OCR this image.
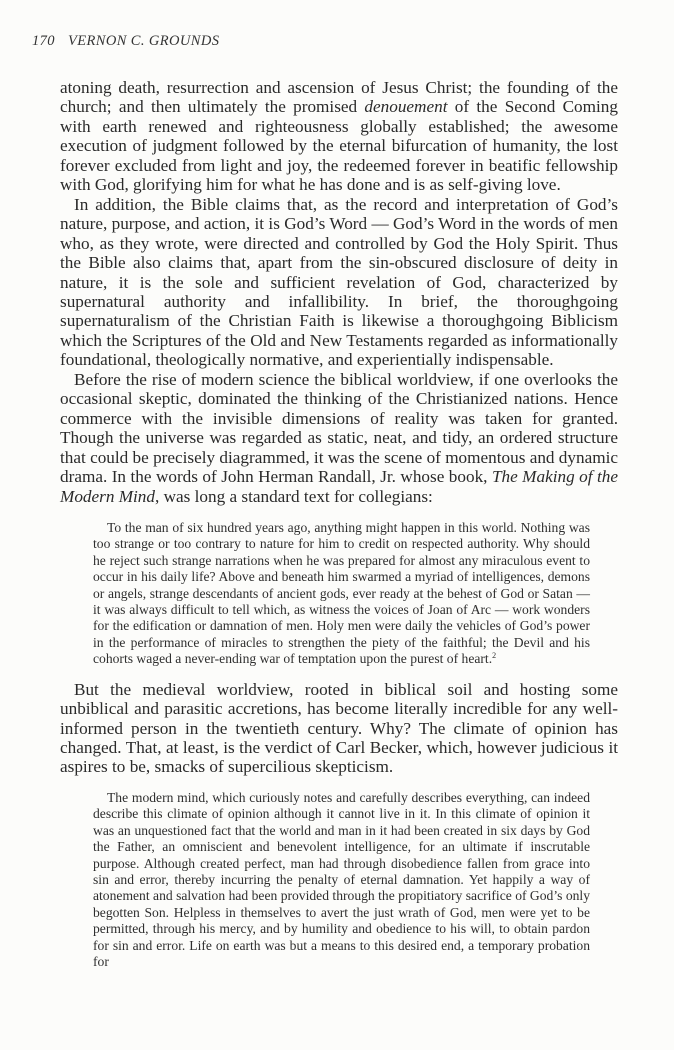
170 VERNON C. GROUNDS

atoning death, resurrection and ascension of Jesus Christ; the founding of the church; and then ultimately the promised denouement of the Second Coming with earth renewed and righteousness globally established; the awesome execution of judgment followed by the eternal bifurcation of humanity, the lost forever excluded from light and joy, the redeemed forever in beatific fellowship with God, glorifying him for what he has done and is as self-giving love.

In addition, the Bible claims that, as the record and interpretation of God’s nature, purpose, and action, it is God’s Word — God’s Word in the words of men who, as they wrote, were directed and controlled by God the Holy Spirit. Thus the Bible also claims that, apart from the sin-obscured disclosure of deity in nature, it is the sole and sufficient revelation of God, characterized by supernatural authority and infallibility. In brief, the thoroughgoing supernaturalism of the Christian Faith is likewise a thoroughgoing Biblicism which the Scriptures of the Old and New Testaments regarded as informationally foundational, theologically normative, and experientially indispensable.

Before the rise of modern science the biblical worldview, if one overlooks the occasional skeptic, dominated the thinking of the Christianized nations. Hence commerce with the invisible dimensions of reality was taken for granted. Though the universe was regarded as static, neat, and tidy, an ordered structure that could be precisely diagrammed, it was the scene of momentous and dynamic drama. In the words of John Herman Randall, Jr. whose book, The Making of the Modern Mind, was long a standard text for collegians:

To the man of six hundred years ago, anything might happen in this world. Nothing was too strange or too contrary to nature for him to credit on respected authority. Why should he reject such strange narrations when he was prepared for almost any miraculous event to occur in his daily life? Above and beneath him swarmed a myriad of intelligences, demons or angels, strange descendants of ancient gods, ever ready at the behest of God or Satan — it was always difficult to tell which, as witness the voices of Joan of Arc — work wonders for the edification or damnation of men. Holy men were daily the vehicles of God’s power in the performance of miracles to strengthen the piety of the faithful; the Devil and his cohorts waged a never-ending war of temptation upon the purest of heart.$^2$

But the medieval worldview, rooted in biblical soil and hosting some unbiblical and parasitic accretions, has become literally incredible for any well-informed person in the twentieth century. Why? The climate of opinion has changed. That, at least, is the verdict of Carl Becker, which, however judicious it aspires to be, smacks of supercilious skepticism.

The modern mind, which curiously notes and carefully describes everything, can indeed describe this climate of opinion although it cannot live in it. In this climate of opinion it was an unquestioned fact that the world and man in it had been created in six days by God the Father, an omniscient and benevolent intelligence, for an ultimate if inscrutable purpose. Although created perfect, man had through disobedience fallen from grace into sin and error, thereby incurring the penalty of eternal damnation. Yet happily a way of atonement and salvation had been provided through the propitiatory sacrifice of God’s only begotten Son. Helpless in themselves to avert the just wrath of God, men were yet to be permitted, through his mercy, and by humility and obedience to his will, to obtain pardon for sin and error. Life on earth was but a means to this desired end, a temporary probation for
